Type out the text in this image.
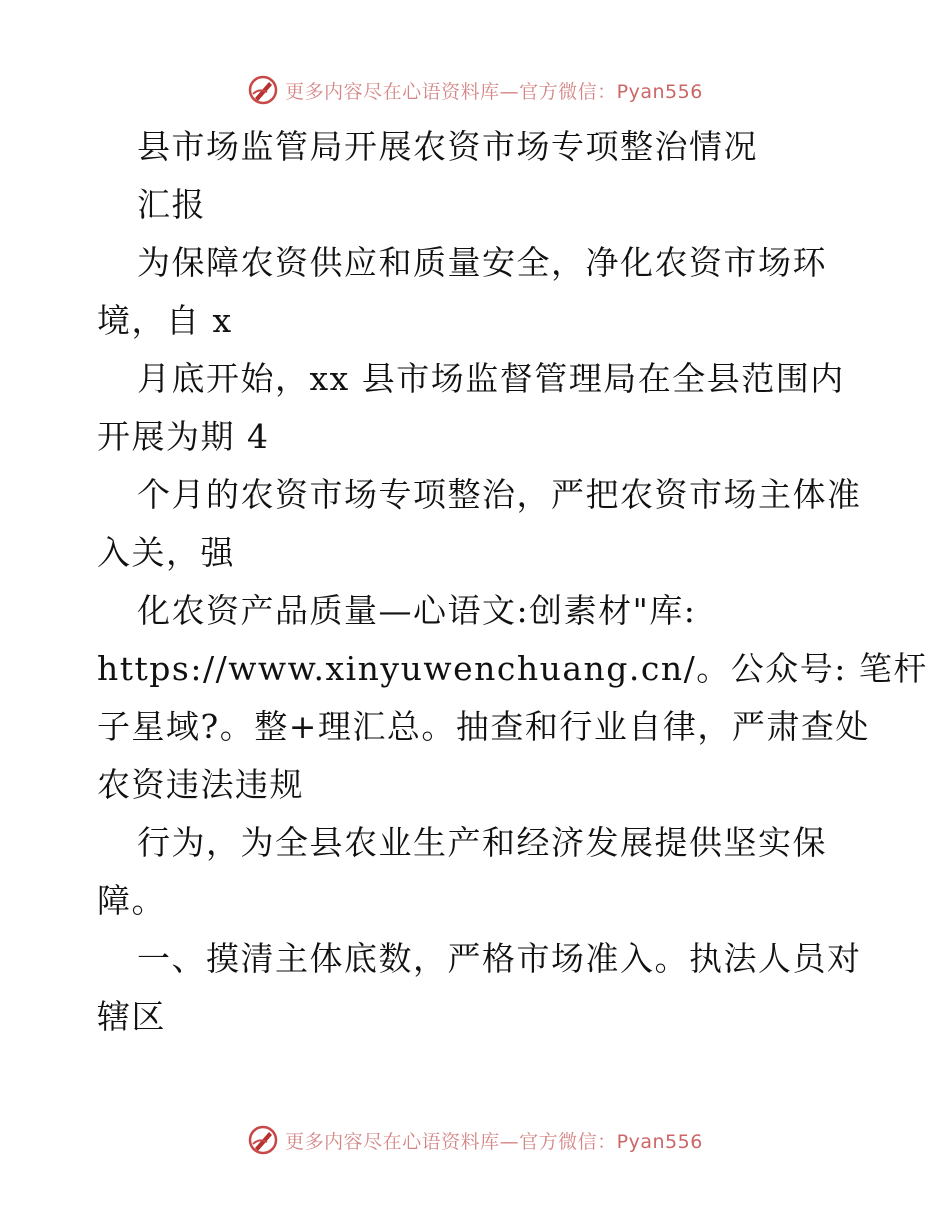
更多内容尽在心语资料库—官方微信：Pyan556
县市场监管局开展农资市场专项整治情况
汇报
为保障农资供应和质量安全，净化农资市场环
境，自 x
月底开始，xx 县市场监督管理局在全县范围内
开展为期 4
个月的农资市场专项整治，严把农资市场主体准
入关，强
化农资产品质量—心语文:创素材"库:
https://www.xinyuwenchuang.cn/。公众号: 笔杆
子星域?。整+理汇总。抽查和行业自律，严肃查处
农资违法违规
行为，为全县农业生产和经济发展提供坚实保
障。
一、摸清主体底数，严格市场准入。执法人员对
辖区
更多内容尽在心语资料库—官方微信：Pyan556
